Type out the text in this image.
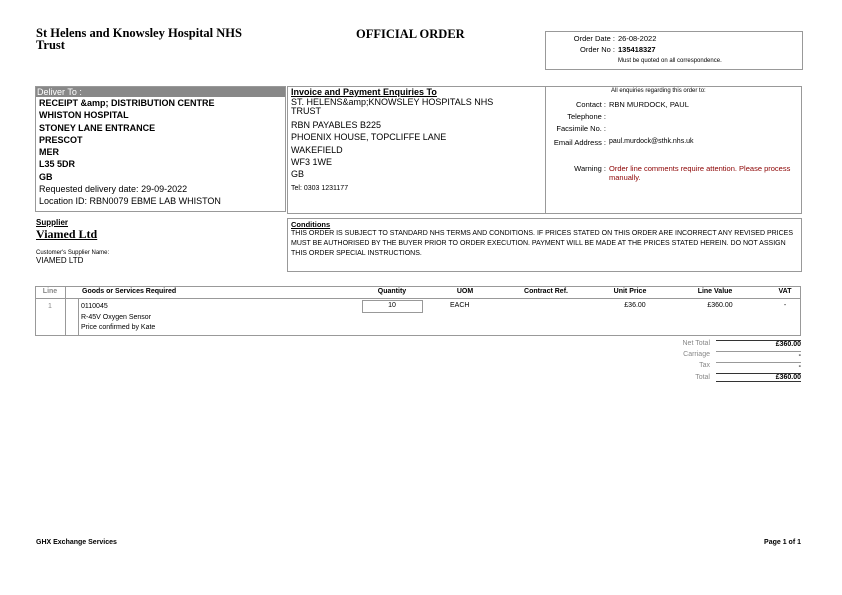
St Helens and Knowsley Hospital NHS
Trust
OFFICIAL ORDER	Order Date : 26-08-2022
Order No : 135418327
Must be quoted on all correspondence.
Deliver To :
RECEIPT &amp; DISTRIBUTION CENTRE
WHISTON HOSPITAL
STONEY LANE ENTRANCE
PRESCOT
MER
L35 5DR
GB
Requested delivery date: 29-09-2022
Location ID: RBN0079 EBME LAB WHISTON
Invoice and Payment Enquiries To
ST. HELENS&amp;KNOWSLEY HOSPITALS NHS
TRUST
RBN PAYABLES B225
PHOENIX HOUSE, TOPCLIFFE LANE
WAKEFIELD
WF3 1WE
GB
Tel: 0303 1231177
All enquiries regarding this order to:
Contact : RBN MURDOCK, PAUL
Telephone :
Facsimile No. :
Email Address : paul.murdock@sthk.nhs.uk
Warning : Order line comments require attention. Please process manually.
Supplier
Viamed Ltd
Customer's Supplier Name:
VIAMED LTD
Conditions
THIS ORDER IS SUBJECT TO STANDARD NHS TERMS AND CONDITIONS. IF PRICES STATED ON THIS ORDER ARE INCORRECT ANY REVISED PRICES MUST BE AUTHORISED BY THE BUYER PRIOR TO ORDER EXECUTION. PAYMENT WILL BE MADE AT THE PRICES STATED HEREIN. DO NOT ASSIGN THIS ORDER SPECIAL INSTRUCTIONS.
Line	Goods or Services Required	Quantity	UOM	Contract Ref.	Unit Price	Line Value	VAT
1	0110045
R-45V Oxygen Sensor
Price confirmed by Kate
10	EACH	£36.00	£360.00	-
Net Total	£360.00
Carriage	-
Tax	-
Total	£360.00
GHX Exchange Services	Page 1 of 1
